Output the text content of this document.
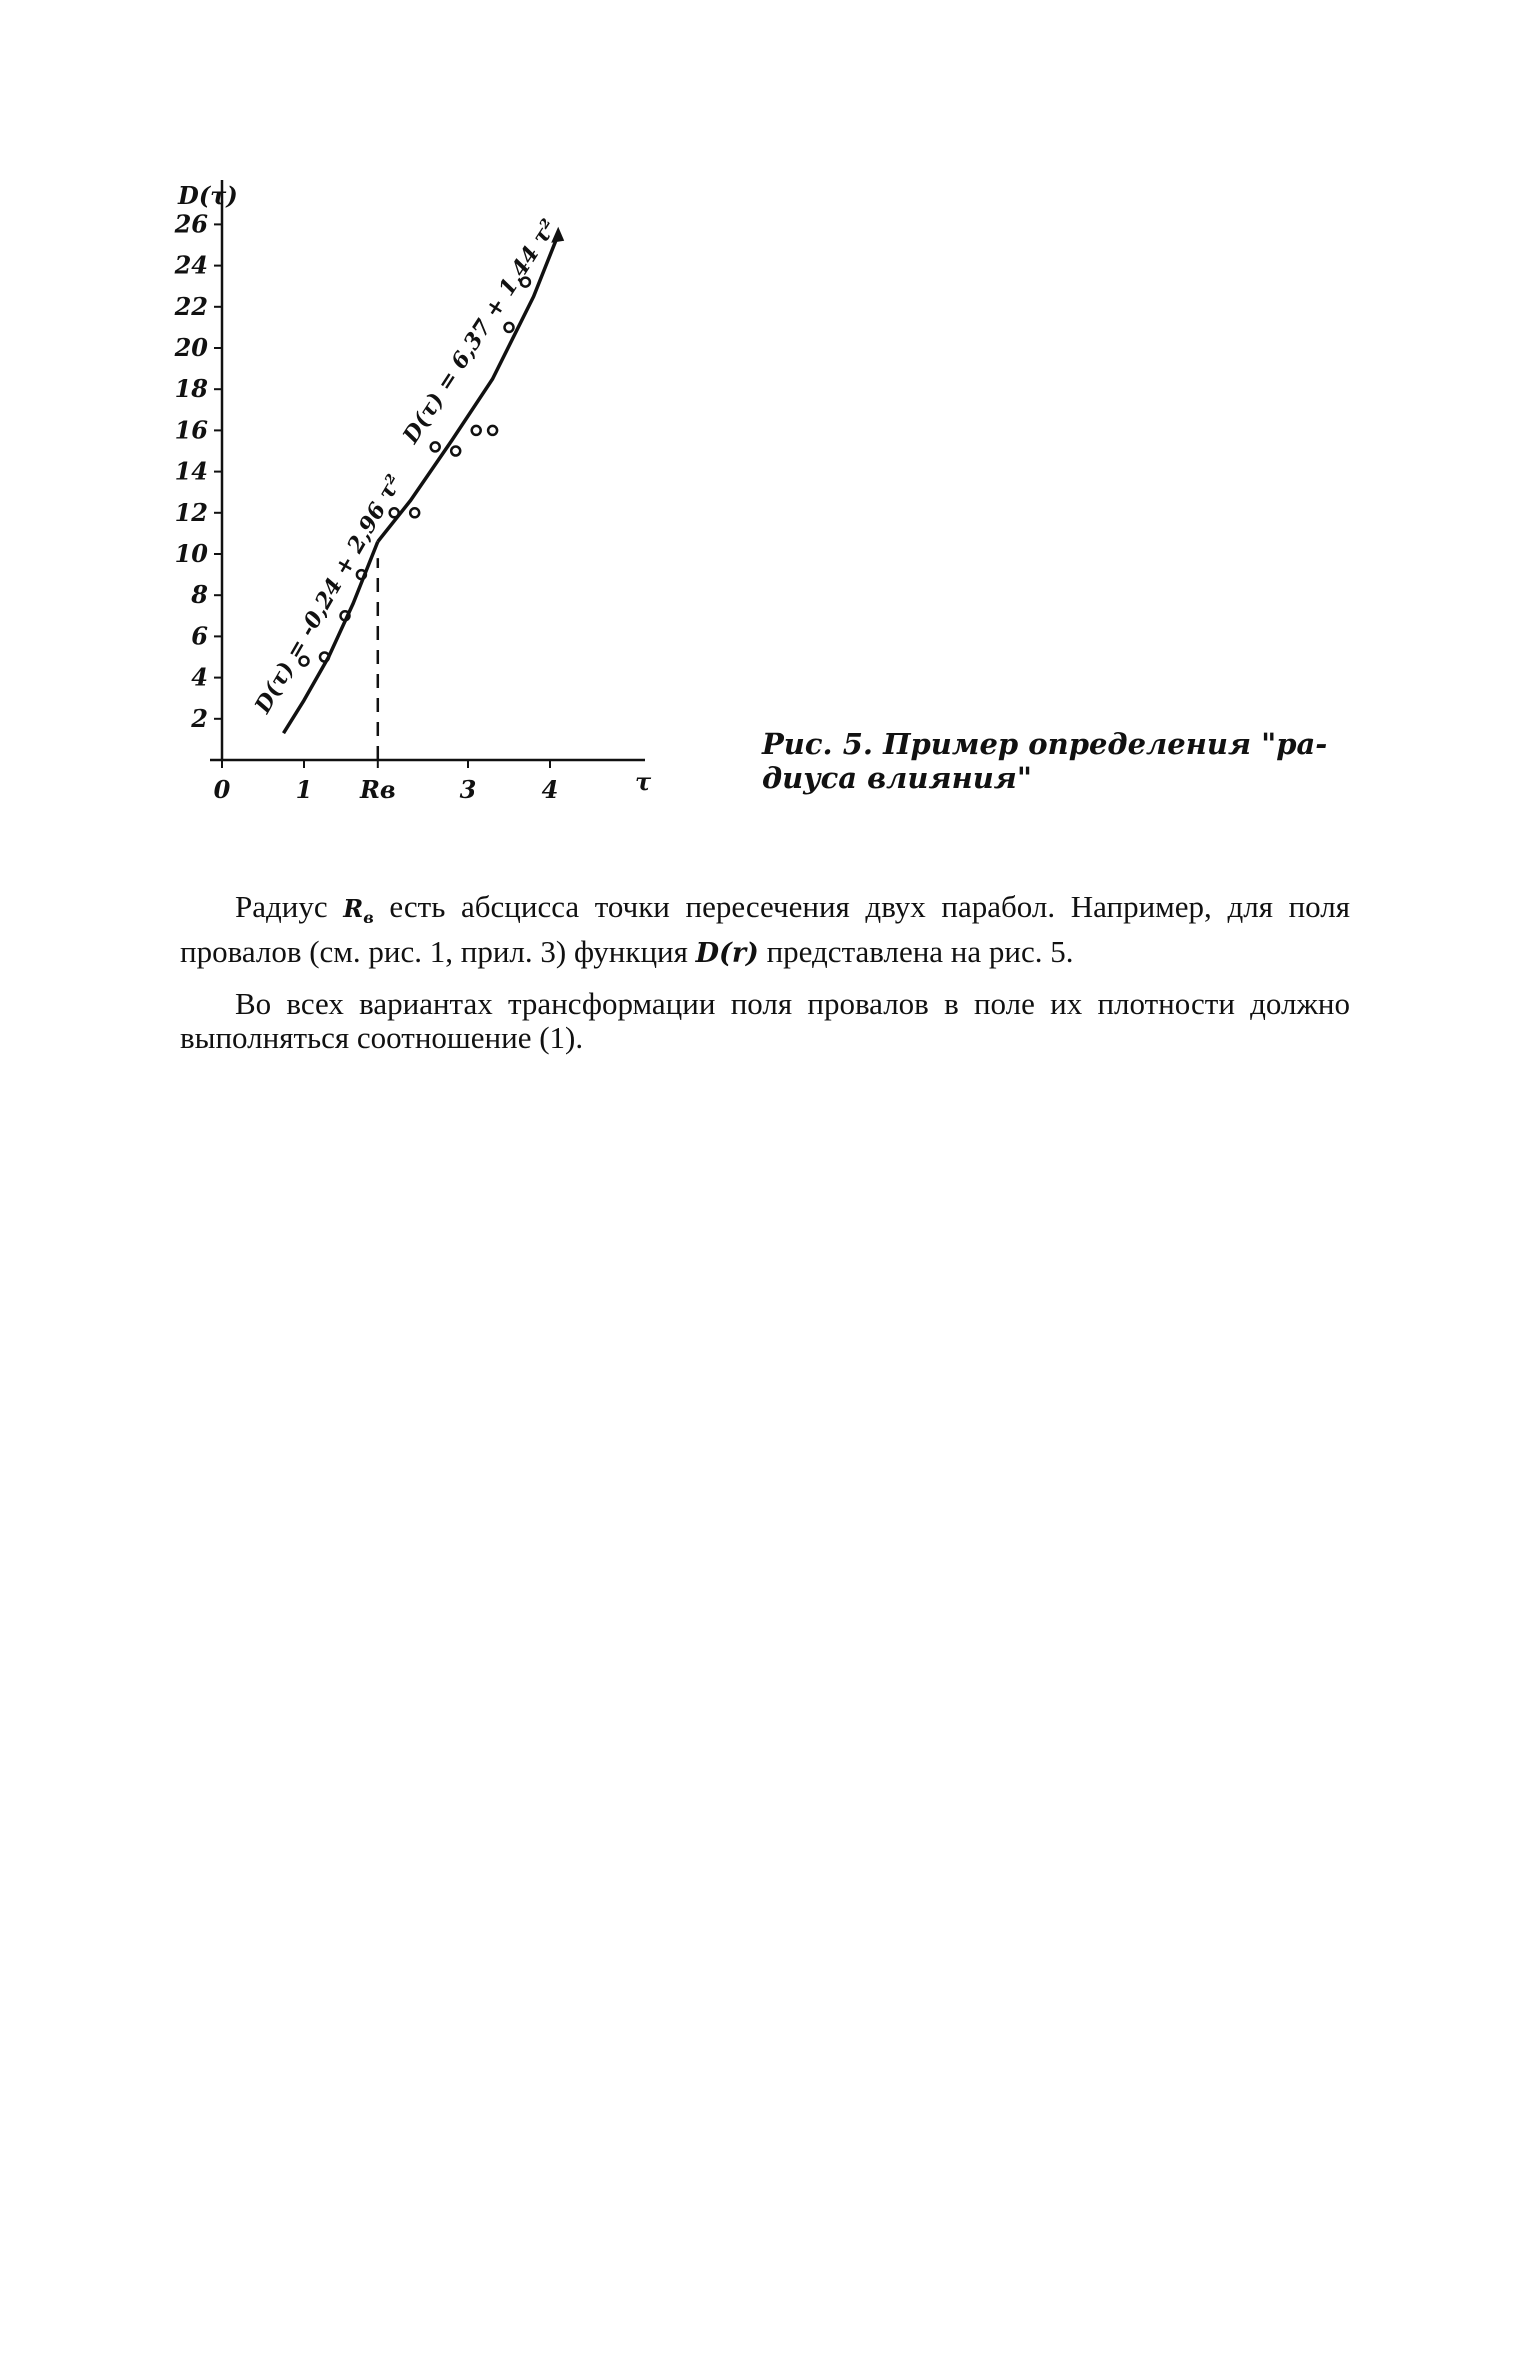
2
4
6
8
10
12
14
16
18
20
22
24
26
0	1 Rв	3	4
D(τ)
τ
D(τ) = -0,24 + 2,96 τ²
D(τ) = 6,37 + 1,44 τ²
Рис. 5. Пример определения "ра-
диуса влияния"
Радиус $R_в$ есть абсцисса точки пересечения двух парабол. Например, для поля провалов (см. рис. 1, прил. 3) функция D(r) представлена на рис. 5.
Во всех вариантах трансформации поля провалов в поле их плотности должно выполняться соотношение (1).
